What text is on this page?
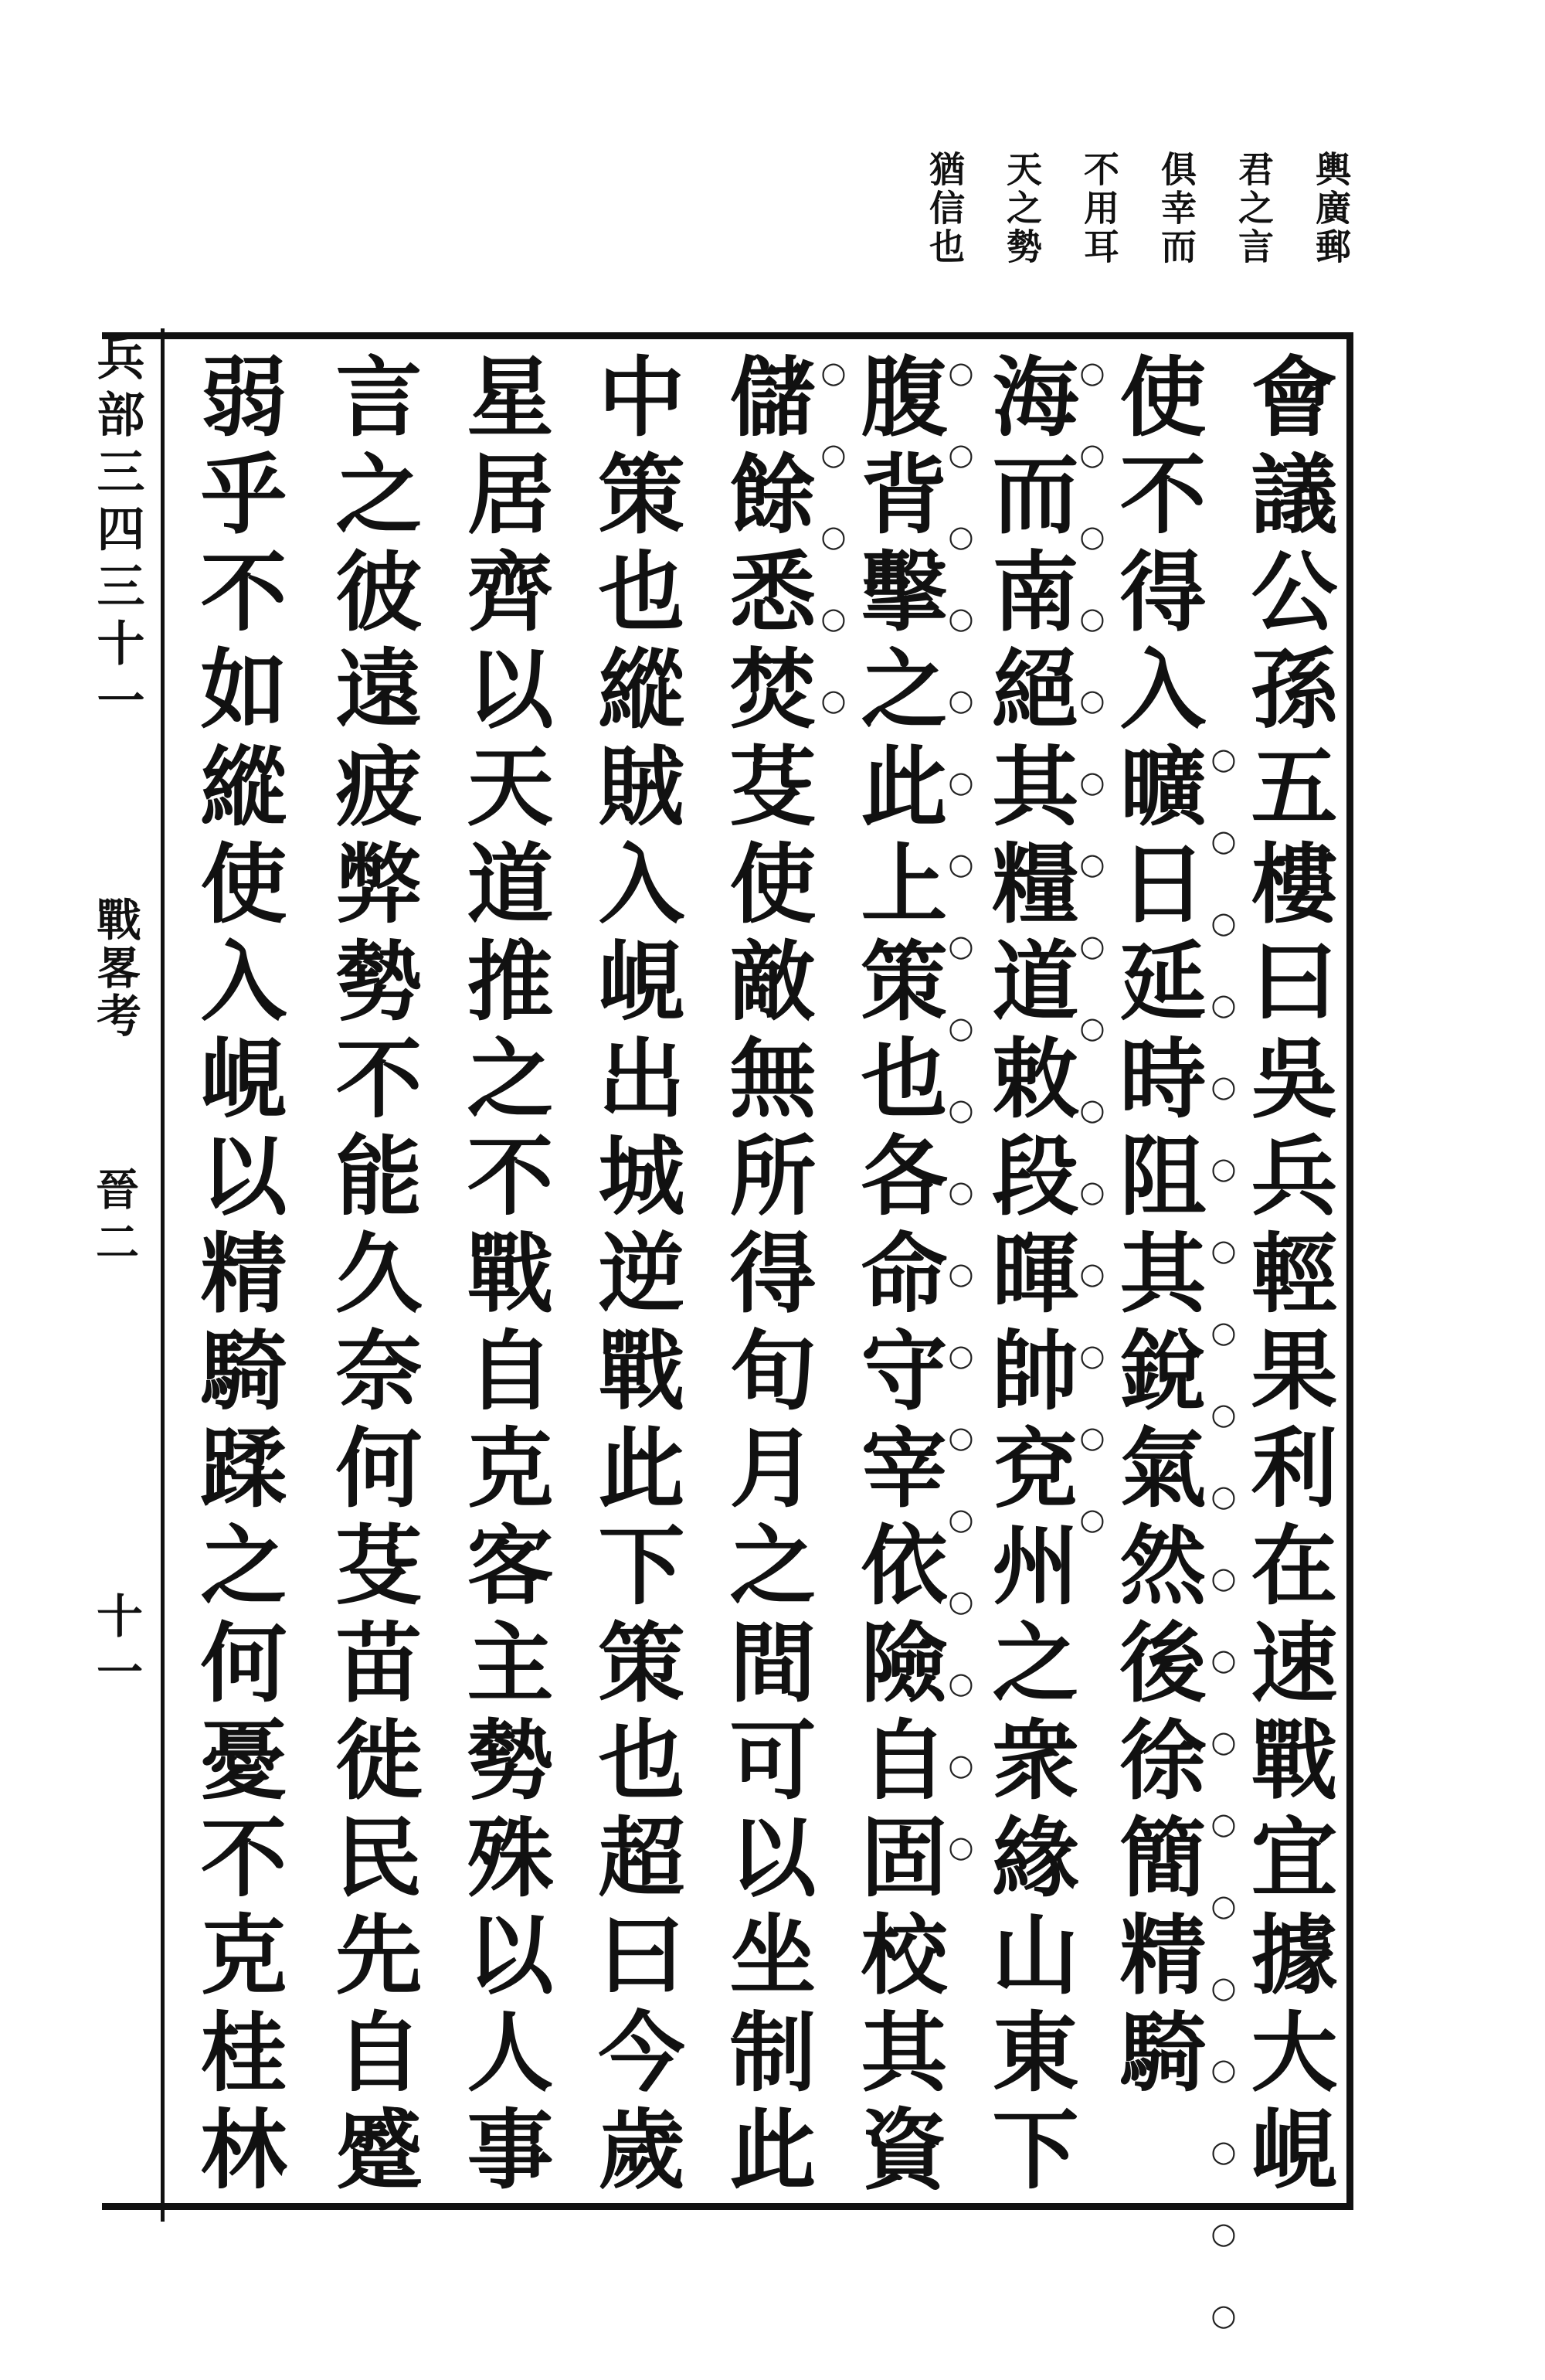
輿廣郵
君之言
俱幸而
不用耳
天之勢
猶信也
○○○○○○○○○○○○○○○○○○○○
○○○○○○○○○○○○○○○
○○○○○○○○○○○○○○○○○○○
○○○○○	會議公孫五樓曰吳兵輕果利在速戰宜據大峴
使不得入曠日延時阻其銳氣然後徐簡精騎
海而南絕其糧道敕段暉帥兗州之衆緣山東下
腹背擊之此上策也各命守宰依險自固校其資
儲餘悉焚芟使敵無所得旬月之間可以坐制此
中策也縱賊入峴出城逆戰此下策也超曰今歲
星居齊以天道推之不戰自克客主勢殊以人事
言之彼遠疲弊勢不能久奈何芟苗徙民先自蹙
弱乎不如縱使入峴以精騎蹂之何憂不克桂林
兵部三四三十一
戰畧考
晉二
十一
